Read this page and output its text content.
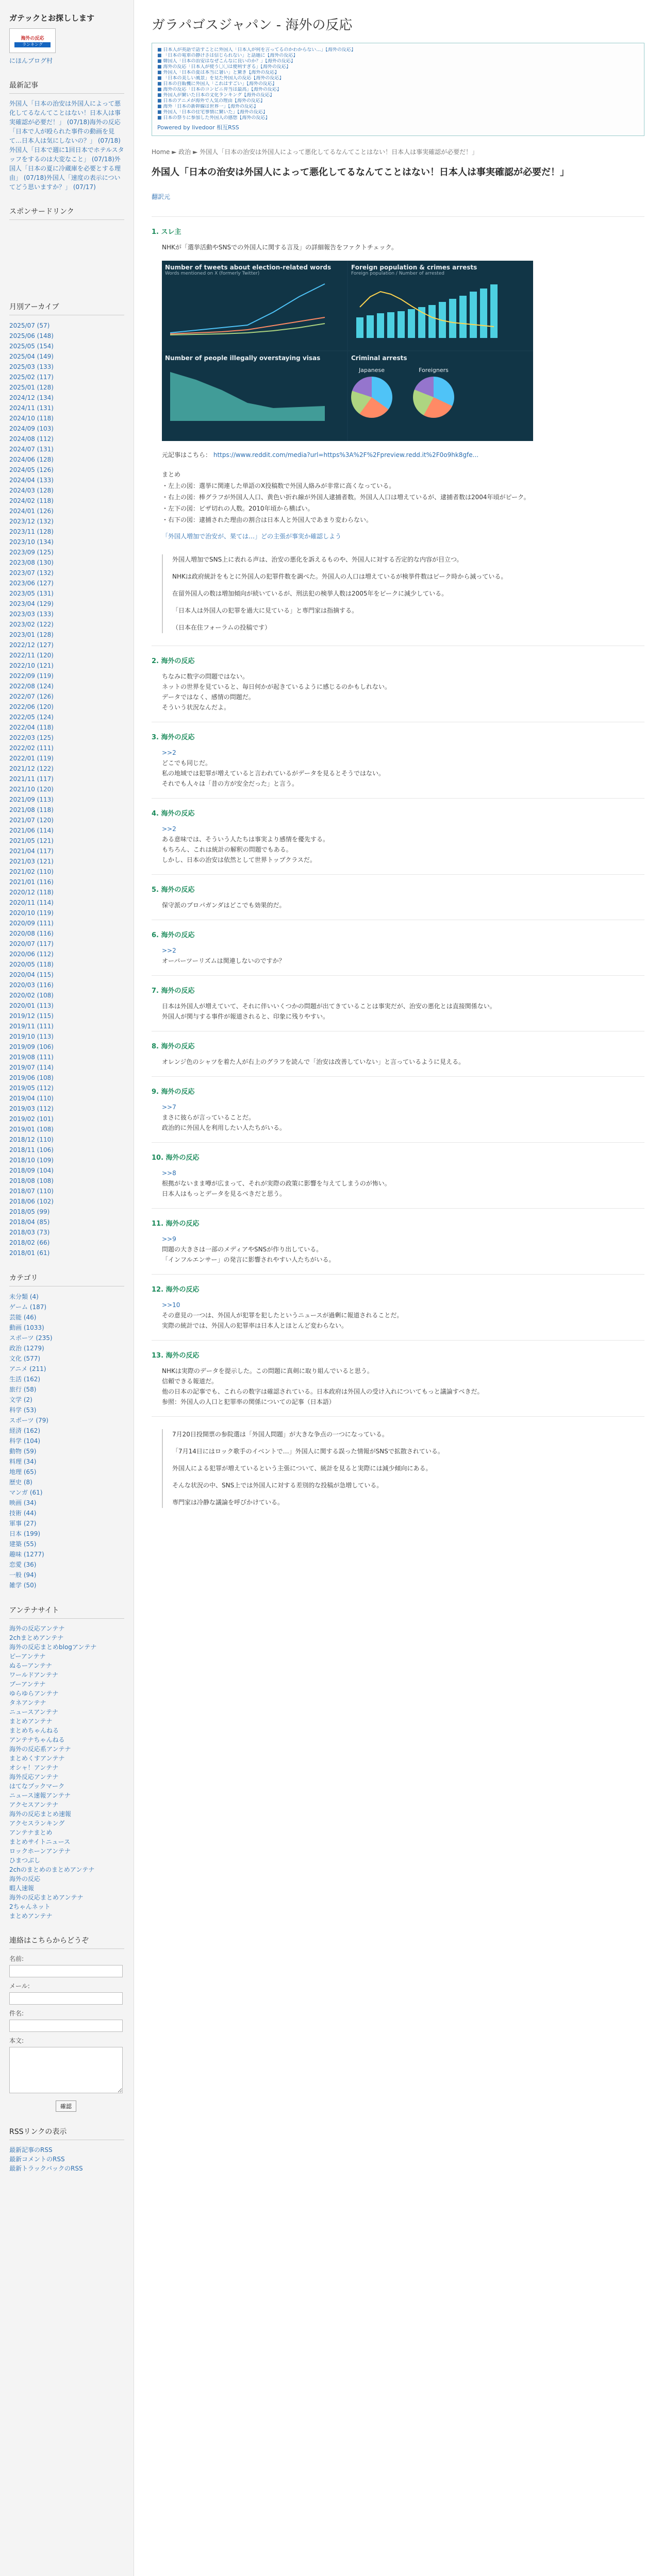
ガテックとお探しします
海外の反応
ランキング
にほんブログ村
最新記事
外国人「日本の治安は外国人によって悪化してるなんてことはない！日本人は事実確認が必要だ！」 (07/18)海外の反応「日本で人が殴られた事件の動画を見て…日本人は気にしないの？」 (07/18)外国人「日本で週に1回日本でホテルスタッフをするのは大変なこと」 (07/18)外国人「日本の夏に冷蔵庫を必要とする理由」 (07/18)外国人「速度の表示についてどう思いますか？」 (07/17)
スポンサードリンク
月別アーカイブ
2025/07 (57)
2025/06 (148)
2025/05 (154)
2025/04 (149)
2025/03 (133)
2025/02 (117)
2025/01 (128)
2024/12 (134)
2024/11 (131)
2024/10 (118)
2024/09 (103)
2024/08 (112)
2024/07 (131)
2024/06 (128)
2024/05 (126)
2024/04 (133)
2024/03 (128)
2024/02 (118)
2024/01 (126)
2023/12 (132)
2023/11 (128)
2023/10 (134)
2023/09 (125)
2023/08 (130)
2023/07 (132)
2023/06 (127)
2023/05 (131)
2023/04 (129)
2023/03 (133)
2023/02 (122)
2023/01 (128)
2022/12 (127)
2022/11 (120)
2022/10 (121)
2022/09 (119)
2022/08 (124)
2022/07 (126)
2022/06 (120)
2022/05 (124)
2022/04 (118)
2022/03 (125)
2022/02 (111)
2022/01 (119)
2021/12 (122)
2021/11 (117)
2021/10 (120)
2021/09 (113)
2021/08 (118)
2021/07 (120)
2021/06 (114)
2021/05 (121)
2021/04 (117)
2021/03 (121)
2021/02 (110)
2021/01 (116)
2020/12 (118)
2020/11 (114)
2020/10 (119)
2020/09 (111)
2020/08 (116)
2020/07 (117)
2020/06 (112)
2020/05 (118)
2020/04 (115)
2020/03 (116)
2020/02 (108)
2020/01 (113)
2019/12 (115)
2019/11 (111)
2019/10 (113)
2019/09 (106)
2019/08 (111)
2019/07 (114)
2019/06 (108)
2019/05 (112)
2019/04 (110)
2019/03 (112)
2019/02 (101)
2019/01 (108)
2018/12 (110)
2018/11 (106)
2018/10 (109)
2018/09 (104)
2018/08 (108)
2018/07 (110)
2018/06 (102)
2018/05 (99)
2018/04 (85)
2018/03 (73)
2018/02 (66)
2018/01 (61)
カテゴリ
未分類 (4)
ゲーム (187)
芸能 (46)
動画 (1033)
スポーツ (235)
政治 (1279)
文化 (577)
アニメ (211)
生活 (162)
旅行 (58)
文学 (2)
科学 (53)
スポーツ (79)
経済 (162)
科学 (104)
動物 (59)
料理 (34)
地理 (65)
歴史 (8)
マンガ (61)
映画 (34)
技術 (44)
軍事 (27)
日本 (199)
建築 (55)
趣味 (1277)
恋愛 (36)
一般 (94)
雑学 (50)
アンテナサイト
海外の反応アンテナ
2chまとめアンテナ
海外の反応まとめblogアンテナ
ピーアンテナ
ぬるーアンテナ
ワールドアンテナ
ブーアンテナ
ゆらゆらアンテナ
タネアンテナ
ニュースアンテナ
まとめアンテナ
まとめちゃんねる
アンテナちゃんねる
海外の反応系アンテナ
まとめくすアンテナ
オシャ！アンテナ
海外反応アンテナ
はてなブックマーク
ニュース速報アンテナ
アクセスアンテナ
海外の反応まとめ速報
アクセスランキング
アンテナまとめ
まとめサイトニュース
ロックホーンアンテナ
ひまつぶし
2chのまとめのまとめアンテナ
海外の反応
暇人速報
海外の反応まとめアンテナ
2ちゃんネット
まとめアンテナ
連絡はこちらからどうぞ
名前:
メール:
件名:
本文:
確認
RSSリンクの表示
最新記事のRSS
最新コメントのRSS
最新トラックバックのRSS
ガラパゴスジャパン - 海外の反応
■ 日本人が英語で話すことに外国人「日本人が何を言ってるのかわからない…」【海外の反応】
■ 「日本の電車の静けさは信じられない」と話題に【海外の反応】
■ 韓国人「日本の治安はなぜこんなに良いのか？」【海外の反応】
■ 海外の反応「日本人が使う〇〇は便利すぎる」【海外の反応】
■ 外国人「日本の夏は本当に暑い」と驚き【海外の反応】
■ 「日本の美しい風景」を見た外国人の反応【海外の反応】
■ 日本の自販機に外国人「これはすごい」【海外の反応】
■ 海外の反応「日本のコンビニ弁当は最高」【海外の反応】
■ 外国人が驚いた日本の文化ランキング【海外の反応】
■ 日本のアニメが海外で人気の理由【海外の反応】
■ 海外「日本の新幹線は世界一」【海外の反応】
■ 外国人「日本の住宅事情に驚いた」【海外の反応】
■ 日本の祭りに参加した外国人の感想【海外の反応】
Powered by livedoor 相互RSS
Home ► 政治 ► 外国人「日本の治安は外国人によって悪化してるなんてことはない！日本人は事実確認が必要だ！」
外国人「日本の治安は外国人によって悪化してるなんてことはない！日本人は事実確認が必要だ！」
翻訳元
1. スレ主
NHKが「選挙活動やSNSでの外国人に関する言及」の詳細報告をファクトチェック。
Number of tweets about election-related words
Words mentioned on X (formerly Twitter)
Foreign population & crimes arrests
Foreign population / Number of arrested
Number of people illegally overstaying visas	Criminal arrests
Japanese	Foreigners
元記事はこちら： https://www.reddit.com/media?url=https%3A%2F%2Fpreview.redd.it%2F0o9hk8gfe...
まとめ
・左上の図：選挙に関連した単語のX投稿数で外国人絡みが非常に高くなっている。
・右上の図：棒グラフが外国人人口、黄色い折れ線が外国人逮捕者数。外国人人口は増えているが、逮捕者数は2004年頃がピーク。
・左下の図：ビザ切れの人数。2010年頃から横ばい。
・右下の図：逮捕された理由の割合は日本人と外国人であまり変わらない。
「外国人増加で治安が、果ては…」どの主張が事実か確認しよう

外国人増加でSNS上に表れる声は、治安の悪化を訴えるものや、外国人に対する否定的な内容が目立つ。

NHKは政府統計をもとに外国人の犯罪件数を調べた。外国人の人口は増えているが検挙件数はピーク時から減っている。

在留外国人の数は増加傾向が続いているが、刑法犯の検挙人数は2005年をピークに減少している。

「日本人は外国人の犯罪を過大に見ている」と専門家は指摘する。

（日本在住フォーラムの投稿です）

2. 海外の反応
ちなみに数字の問題ではない。
ネットの世界を見ていると、毎日何かが起きているように感じるのかもしれない。
データではなく、感情の問題だ。
そういう状況なんだよ。
3. 海外の反応
>>2
どこでも同じだ。
私の地域では犯罪が増えていると言われているがデータを見るとそうではない。
それでも人々は「昔の方が安全だった」と言う。
4. 海外の反応
>>2
ある意味では、そういう人たちは事実より感情を優先する。
もちろん、これは統計の解釈の問題でもある。
しかし、日本の治安は依然として世界トップクラスだ。
5. 海外の反応
保守派のプロパガンダはどこでも効果的だ。
6. 海外の反応
>>2
オーバーツーリズムは関連しないのですか？
7. 海外の反応
日本は外国人が増えていて、それに伴いいくつかの問題が出てきていることは事実だが、治安の悪化とは直接関係ない。
外国人が関与する事件が報道されると、印象に残りやすい。
8. 海外の反応
オレンジ色のシャツを着た人が右上のグラフを読んで「治安は改善していない」と言っているように見える。
9. 海外の反応
>>7
まさに彼らが言っていることだ。
政治的に外国人を利用したい人たちがいる。
10. 海外の反応
>>8
根拠がないまま噂が広まって、それが実際の政策に影響を与えてしまうのが怖い。
日本人はもっとデータを見るべきだと思う。
11. 海外の反応
>>9
問題の大きさは一部のメディアやSNSが作り出している。
「インフルエンサー」の発言に影響されやすい人たちがいる。
12. 海外の反応
>>10
その意見の一つは、外国人が犯罪を犯したというニュースが過剰に報道されることだ。
実際の統計では、外国人の犯罪率は日本人とほとんど変わらない。
13. 海外の反応
NHKは実際のデータを提示した。この問題に真剣に取り組んでいると思う。
信頼できる報道だ。
他の日本の記事でも、これらの数字は確認されている。日本政府は外国人の受け入れについてもっと議論すべきだ。
参照：外国人の人口と犯罪率の関係についての記事（日本語）

7月20日投開票の参院選は「外国人問題」が大きな争点の一つになっている。

「7月14日にはロック歌手のイベントで…」外国人に関する誤った情報がSNSで拡散されている。

外国人による犯罪が増えているという主張について、統計を見ると実際には減少傾向にある。

そんな状況の中、SNS上では外国人に対する差別的な投稿が急増している。

専門家は冷静な議論を呼びかけている。
